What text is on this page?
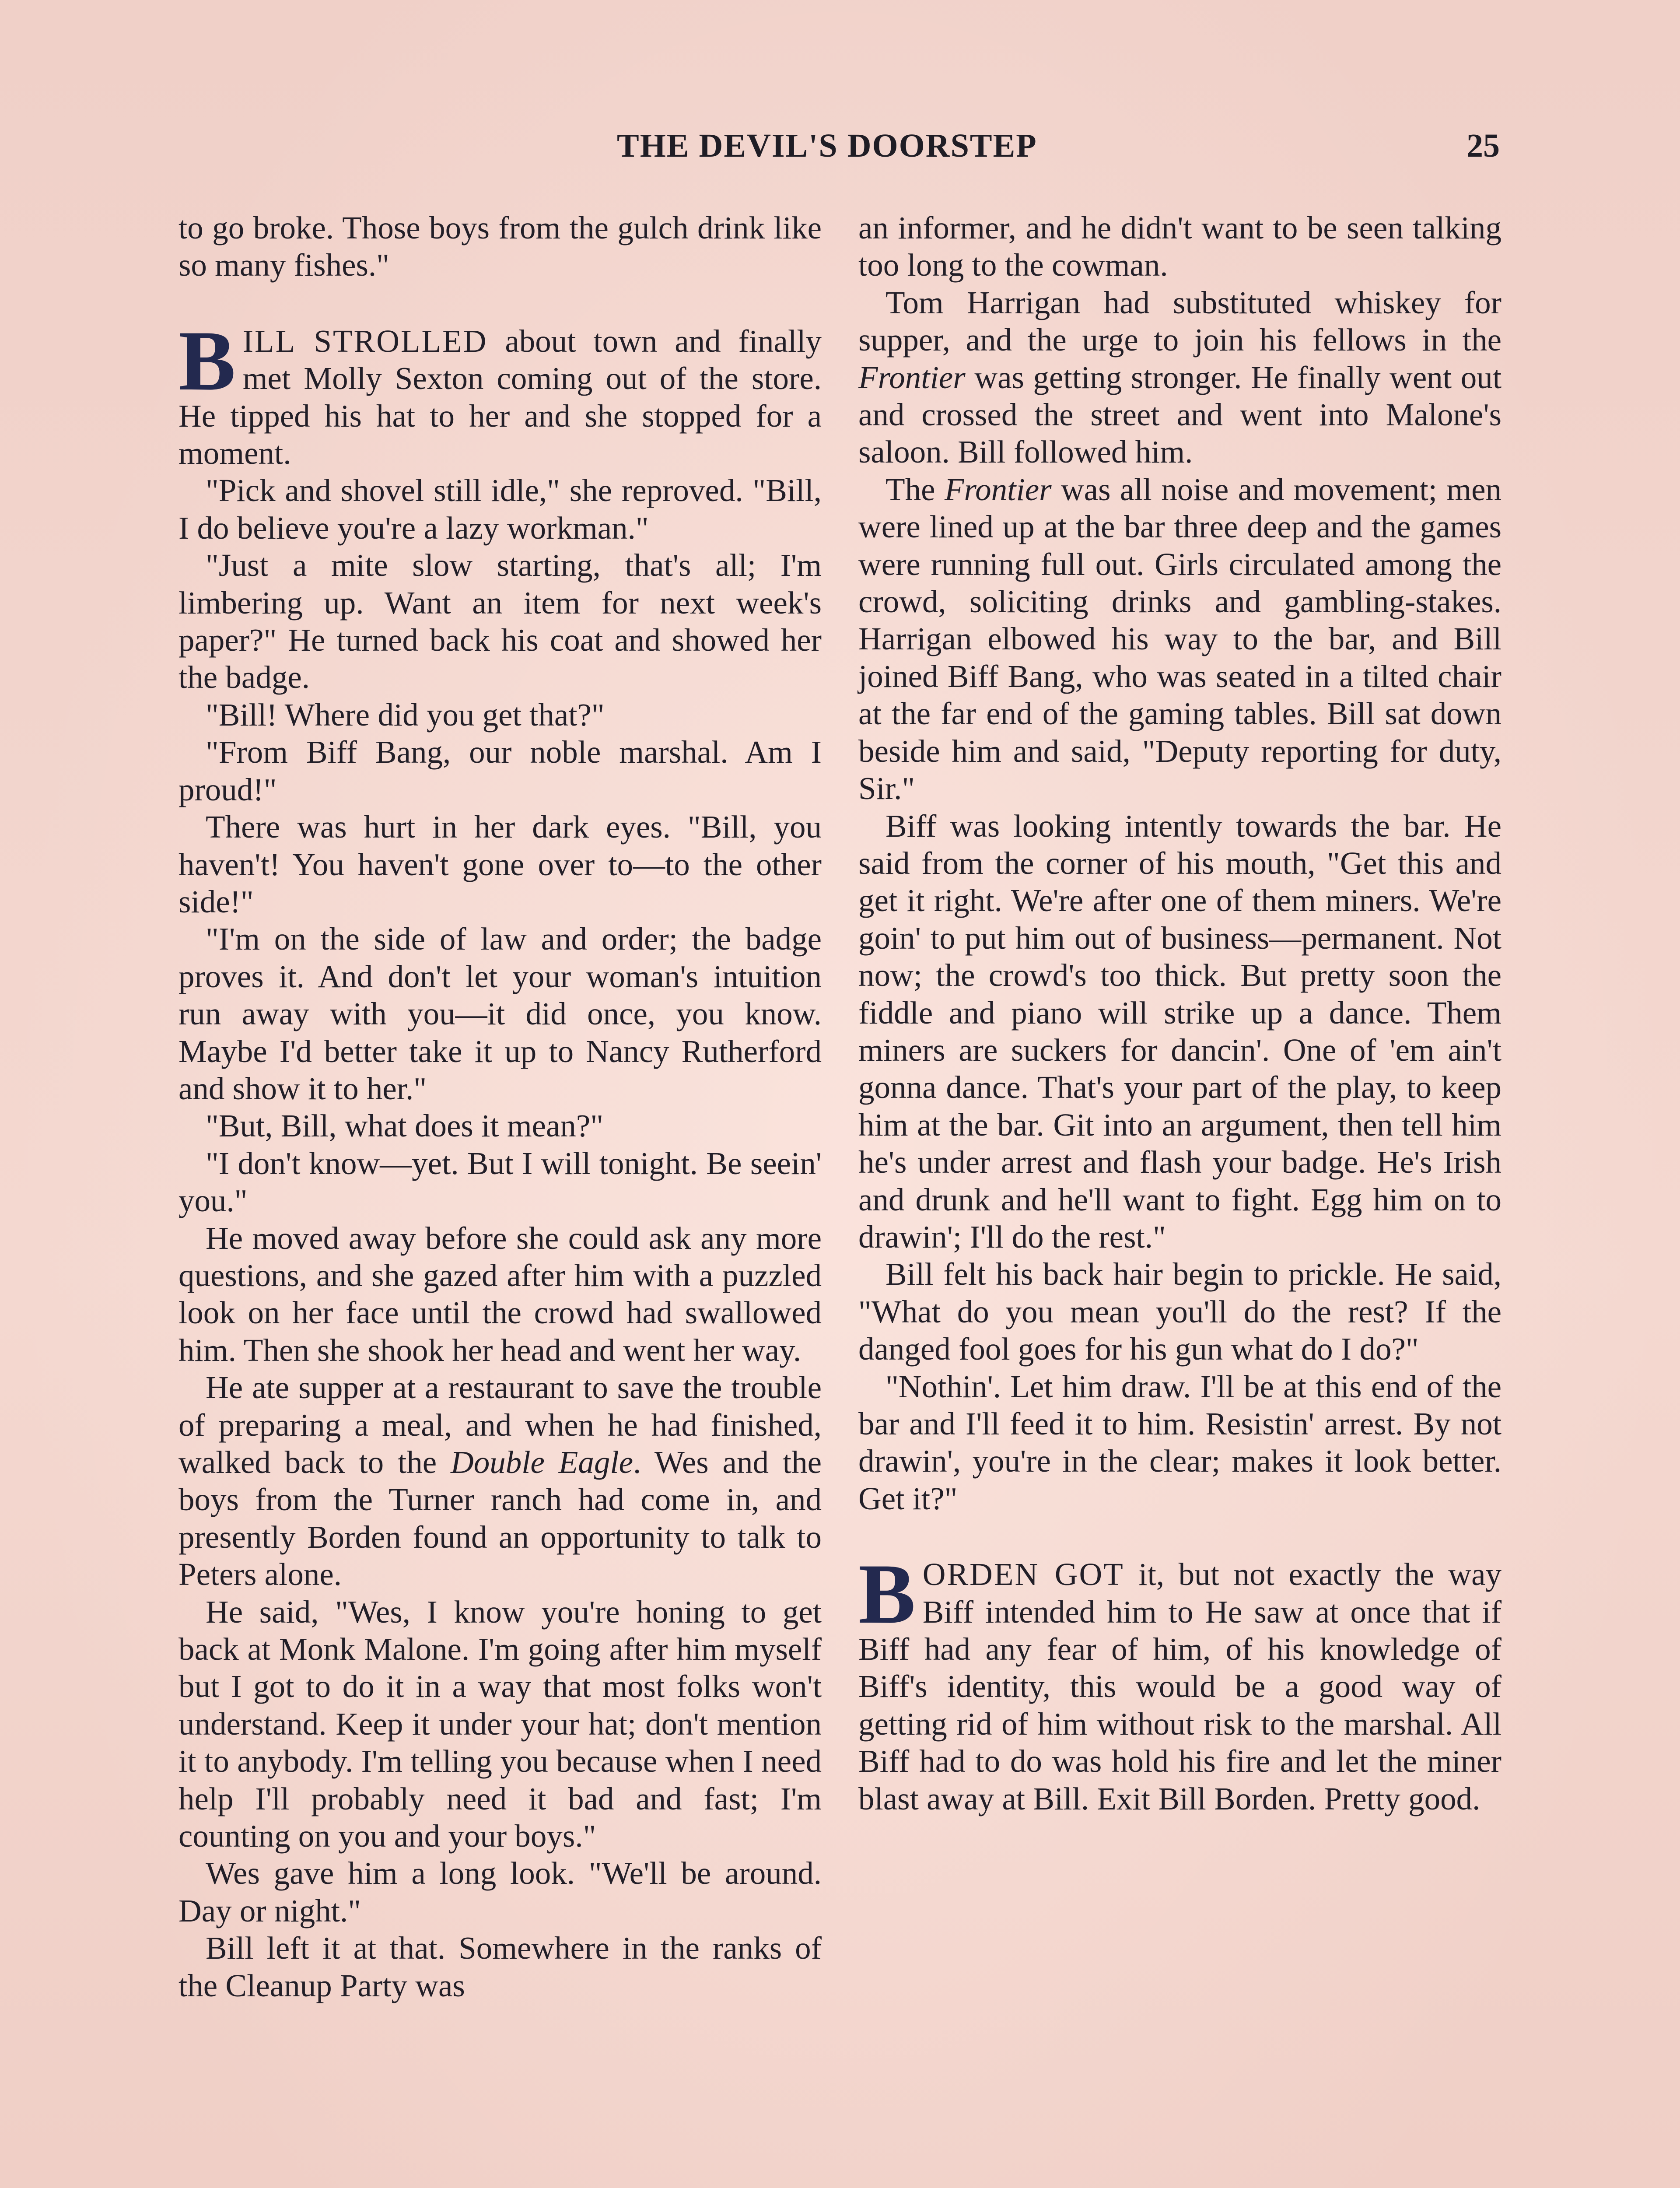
THE DEVIL'S DOORSTEP	25

to go broke. Those boys from the gulch drink like so many fishes."

BILL STROLLED about town and finally met Molly Sexton coming out of the store. He tipped his hat to her and she stopped for a moment.

"Pick and shovel still idle," she reproved. "Bill, I do believe you're a lazy workman."

"Just a mite slow starting, that's all; I'm limbering up. Want an item for next week's paper?" He turned back his coat and showed her the badge.

"Bill! Where did you get that?"

"From Biff Bang, our noble marshal. Am I proud!"

There was hurt in her dark eyes. "Bill, you haven't! You haven't gone over to—to the other side!"

"I'm on the side of law and order; the badge proves it. And don't let your woman's intuition run away with you—it did once, you know. Maybe I'd better take it up to Nancy Rutherford and show it to her."

"But, Bill, what does it mean?"

"I don't know—yet. But I will tonight. Be seein' you."

He moved away before she could ask any more questions, and she gazed after him with a puzzled look on her face until the crowd had swallowed him. Then she shook her head and went her way.

He ate supper at a restaurant to save the trouble of preparing a meal, and when he had finished, walked back to the Double Eagle. Wes and the boys from the Turner ranch had come in, and presently Borden found an opportunity to talk to Peters alone.

He said, "Wes, I know you're honing to get back at Monk Malone. I'm going after him myself but I got to do it in a way that most folks won't understand. Keep it under your hat; don't mention it to anybody. I'm telling you because when I need help I'll probably need it bad and fast; I'm counting on you and your boys."

Wes gave him a long look. "We'll be around. Day or night."

Bill left it at that. Somewhere in the ranks of the Cleanup Party was

an informer, and he didn't want to be seen talking too long to the cowman.

Tom Harrigan had substituted whiskey for supper, and the urge to join his fellows in the Frontier was getting stronger. He finally went out and crossed the street and went into Malone's saloon. Bill followed him.

The Frontier was all noise and movement; men were lined up at the bar three deep and the games were running full out. Girls circulated among the crowd, soliciting drinks and gambling-stakes. Harrigan elbowed his way to the bar, and Bill joined Biff Bang, who was seated in a tilted chair at the far end of the gaming tables. Bill sat down beside him and said, "Deputy reporting for duty, Sir."

Biff was looking intently towards the bar. He said from the corner of his mouth, "Get this and get it right. We're after one of them miners. We're goin' to put him out of business—permanent. Not now; the crowd's too thick. But pretty soon the fiddle and piano will strike up a dance. Them miners are suckers for dancin'. One of 'em ain't gonna dance. That's your part of the play, to keep him at the bar. Git into an argument, then tell him he's under arrest and flash your badge. He's Irish and drunk and he'll want to fight. Egg him on to drawin'; I'll do the rest."

Bill felt his back hair begin to prickle. He said, "What do you mean you'll do the rest? If the danged fool goes for his gun what do I do?"

"Nothin'. Let him draw. I'll be at this end of the bar and I'll feed it to him. Resistin' arrest. By not drawin', you're in the clear; makes it look better. Get it?"

BORDEN GOT it, but not exactly the way Biff intended him to He saw at once that if Biff had any fear of him, of his knowledge of Biff's identity, this would be a good way of getting rid of him without risk to the marshal. All Biff had to do was hold his fire and let the miner blast away at Bill. Exit Bill Borden. Pretty good.
